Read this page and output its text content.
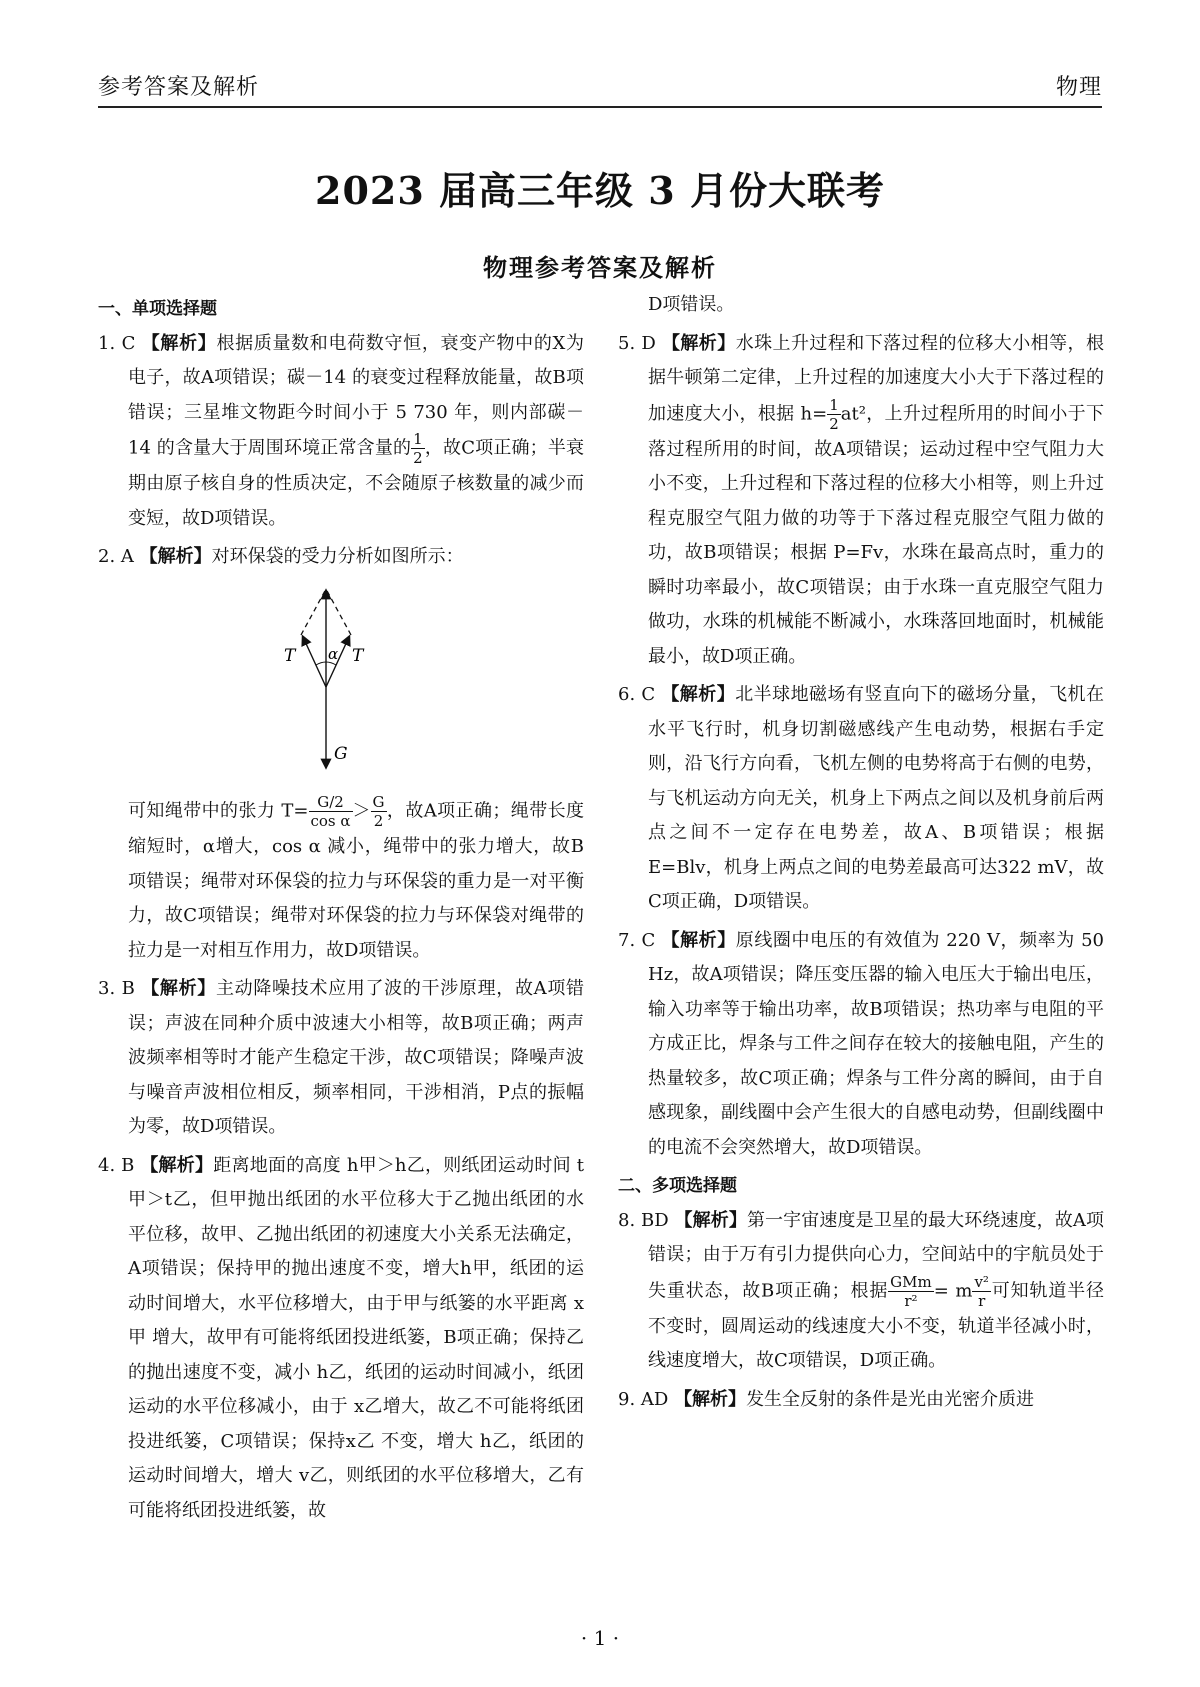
参考答案及解析	物理
2023 届高三年级 3 月份大联考
物理参考答案及解析

一、单项选择题

1. C 【解析】根据质量数和电荷数守恒，衰变产物中的X为电子，故A项错误；碳－14 的衰变过程释放能量，故B项错误；三星堆文物距今时间小于 5 730 年，则内部碳－14 的含量大于周围环境正常含量的 $\frac{1}{2}$ ，故C项正确；半衰期由原子核自身的性质决定，不会随原子核数量的减少而变短，故D项错误。

2. A 【解析】对环保袋的受力分析如图所示：

T α T
G

可知绳带中的张力 $T= \frac{G/2}{\text{cos α}} > \frac{G}{2}$ ，故A项正确；绳带长度缩短时，α增大，cos α 减小，绳带中的张力增大，故B项错误；绳带对环保袋的拉力与环保袋的重力是一对平衡力，故C项错误；绳带对环保袋的拉力与环保袋对绳带的拉力是一对相互作用力，故D项错误。

3. B 【解析】主动降噪技术应用了波的干涉原理，故A项错误；声波在同种介质中波速大小相等，故B项正确；两声波频率相等时才能产生稳定干涉，故C项错误；降噪声波与噪音声波相位相反，频率相同，干涉相消，P点的振幅为零，故D项错误。

4. B 【解析】距离地面的高度 h甲＞h乙，则纸团运动时间 t甲＞t乙，但甲抛出纸团的水平位移大于乙抛出纸团的水平位移，故甲、乙抛出纸团的初速度大小关系无法确定，A项错误；保持甲的抛出速度不变，增大h甲，纸团的运动时间增大，水平位移增大，由于甲与纸篓的水平距离 x甲 增大，故甲有可能将纸团投进纸篓，B项正确；保持乙的抛出速度不变，减小 h乙，纸团的运动时间减小，纸团运动的水平位移减小，由于 x乙增大，故乙不可能将纸团投进纸篓，C项错误；保持x乙 不变，增大 h乙，纸团的运动时间增大，增大 v乙，则纸团的水平位移增大，乙有可能将纸团投进纸篓，故

D项错误。

5. D 【解析】水珠上升过程和下落过程的位移大小相等，根据牛顿第二定律，上升过程的加速度大小大于下落过程的加速度大小，根据 $h= \frac{1}{2} at^2$，上升过程所用的时间小于下落过程所用的时间，故A项错误；运动过程中空气阻力大小不变，上升过程和下落过程的位移大小相等，则上升过程克服空气阻力做的功等于下落过程克服空气阻力做的功，故B项错误；根据 P=Fv，水珠在最高点时，重力的瞬时功率最小，故C项错误；由于水珠一直克服空气阻力做功，水珠的机械能不断减小，水珠落回地面时，机械能最小，故D项正确。

6. C 【解析】北半球地磁场有竖直向下的磁场分量，飞机在水平飞行时，机身切割磁感线产生电动势，根据右手定则，沿飞行方向看，飞机左侧的电势将高于右侧的电势，与飞机运动方向无关，机身上下两点之间以及机身前后两点之间不一定存在电势差，故A、B项错误；根据 E=Blv，机身上两点之间的电势差最高可达322 mV，故C项正确，D项错误。

7. C 【解析】原线圈中电压的有效值为 220 V，频率为 50 Hz，故A项错误；降压变压器的输入电压大于输出电压，输入功率等于输出功率，故B项错误；热功率与电阻的平方成正比，焊条与工件之间存在较大的接触电阻，产生的热量较多，故C项正确；焊条与工件分离的瞬间，由于自感现象，副线圈中会产生很大的自感电动势，但副线圈中的电流不会突然增大，故D项错误。

二、多项选择题

8. BD 【解析】第一宇宙速度是卫星的最大环绕速度，故A项错误；由于万有引力提供向心力，空间站中的宇航员处于失重状态，故B项正确；根据 $\frac{\text{GMm}}{\text{r²}} = m \frac{\text{v²}}{r}$ 可知轨道半径不变时，圆周运动的线速度大小不变，轨道半径减小时，线速度增大，故C项错误，D项正确。

9. AD 【解析】发生全反射的条件是光由光密介质进

· 1 ·
